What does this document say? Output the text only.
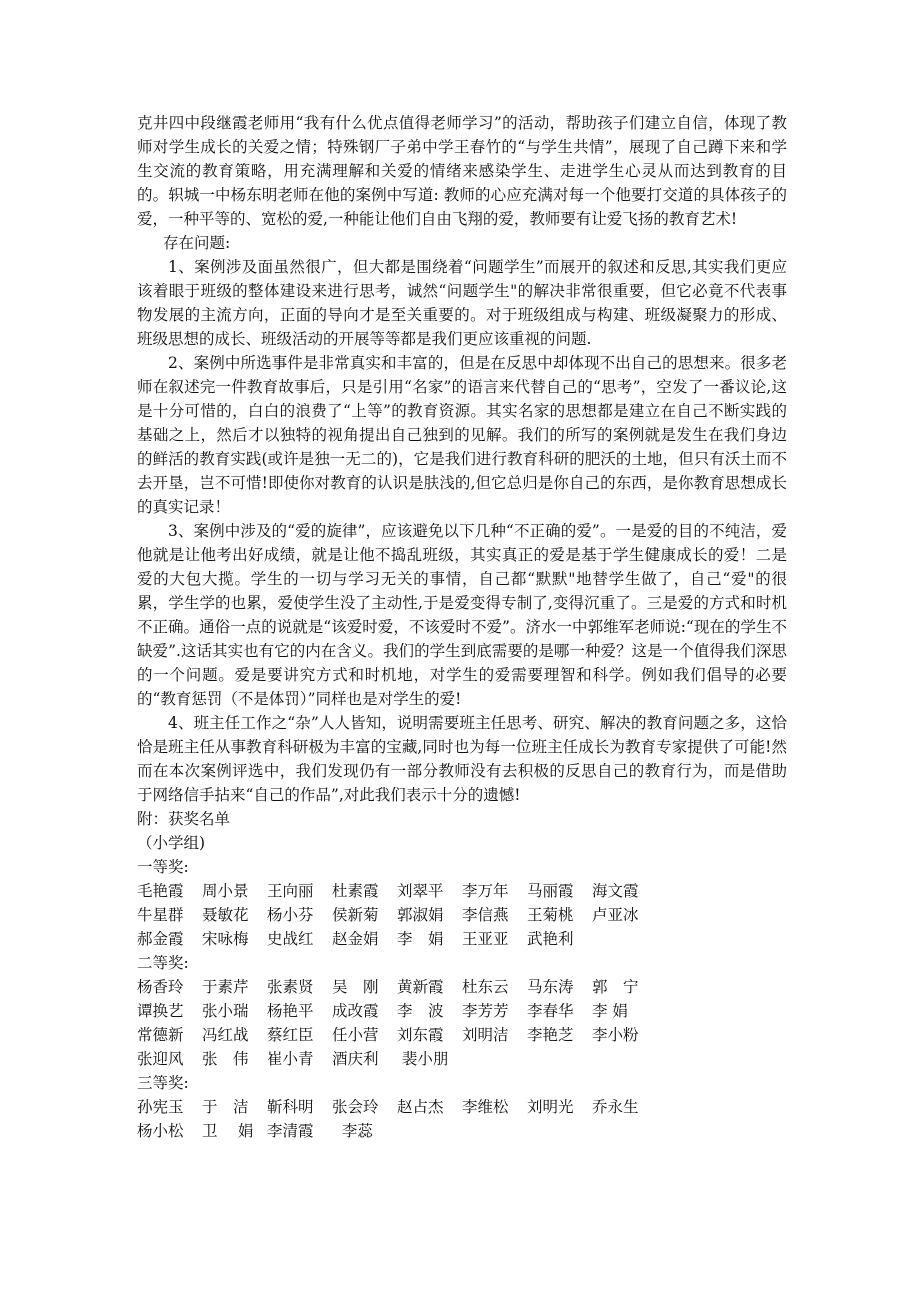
克井四中段继霞老师用“我有什么优点值得老师学习”的活动，帮助孩子们建立自信，体现了教师对学生成长的关爱之情；特殊钢厂子弟中学王春竹的“与学生共情”，展现了自己蹲下来和学生交流的教育策略，用充满理解和关爱的情绪来感染学生、走进学生心灵从而达到教育的目的。轵城一中杨东明老师在他的案例中写道: 教师的心应充满对每一个他要打交道的具体孩子的爱，一种平等的、宽松的爱,一种能让他们自由飞翔的爱，教师要有让爱飞扬的教育艺术!

存在问题:

1、案例涉及面虽然很广，但大都是围绕着“问题学生”而展开的叙述和反思,其实我们更应该着眼于班级的整体建设来进行思考，诚然“问题学生"的解决非常很重要，但它必竟不代表事物发展的主流方向，正面的导向才是至关重要的。对于班级组成与构建、班级凝聚力的形成、班级思想的成长、班级活动的开展等等都是我们更应该重视的问题.

2、案例中所选事件是非常真实和丰富的，但是在反思中却体现不出自己的思想来。很多老师在叙述完一件教育故事后，只是引用“名家”的语言来代替自己的“思考”，空发了一番议论,这是十分可惜的，白白的浪费了“上等”的教育资源。其实名家的思想都是建立在自己不断实践的基础之上，然后才以独特的视角提出自己独到的见解。我们的所写的案例就是发生在我们身边的鲜活的教育实践(或许是独一无二的)，它是我们进行教育科研的肥沃的土地，但只有沃土而不去开垦，岂不可惜!即使你对教育的认识是肤浅的,但它总归是你自己的东西，是你教育思想成长的真实记录！

3、案例中涉及的“爱的旋律”，应该避免以下几种“不正确的爱”。一是爱的目的不纯洁，爱他就是让他考出好成绩，就是让他不捣乱班级，其实真正的爱是基于学生健康成长的爱！二是爱的大包大揽。学生的一切与学习无关的事情，自己都“默默"地替学生做了，自己“爱"的很累，学生学的也累，爱使学生没了主动性,于是爱变得专制了,变得沉重了。三是爱的方式和时机不正确。通俗一点的说就是“该爱时爱，不该爱时不爱”。济水一中郭维军老师说:“现在的学生不缺爱”.这话其实也有它的内在含义。我们的学生到底需要的是哪一种爱？这是一个值得我们深思的一个问题。爱是要讲究方式和时机地，对学生的爱需要理智和科学。例如我们倡导的必要的“教育惩罚（不是体罚）”同样也是对学生的爱!

4、班主任工作之“杂”人人皆知，说明需要班主任思考、研究、解决的教育问题之多，这恰恰是班主任从事教育科研极为丰富的宝藏,同时也为每一位班主任成长为教育专家提供了可能!然而在本次案例评选中，我们发现仍有一部分教师没有去积极的反思自己的教育行为，而是借助于网络信手拈来“自己的作品”,对此我们表示十分的遗憾!

附：获奖名单

（小学组)

一等奖:

毛艳霞	周小景	王向丽	杜素霞	刘翠平	李万年	马丽霞	海文霞
牛星群	聂敏花	杨小芬	侯新菊	郭淑娟	李信燕	王菊桃	卢亚冰
郝金霞	宋咏梅	史战红	赵金娟	李　娟	王亚亚	武艳利

二等奖:

杨香玲	于素芹	张素贤	吴　刚	黄新霞	杜东云	马东涛	郭　宁
谭换艺	张小瑞	杨艳平	成改霞	李　波	李芳芳	李春华	李 娟
常德新	冯红战	蔡红臣	任小营	刘东霞	刘明洁	李艳芝	李小粉
张迎风	张　伟	崔小青	酒庆利	裴小朋

三等奖:

孙宪玉	于　洁	靳科明	张会玲	赵占杰	李维松	刘明光	乔永生
杨小松	卫　 娟 李清霞	李蕊
